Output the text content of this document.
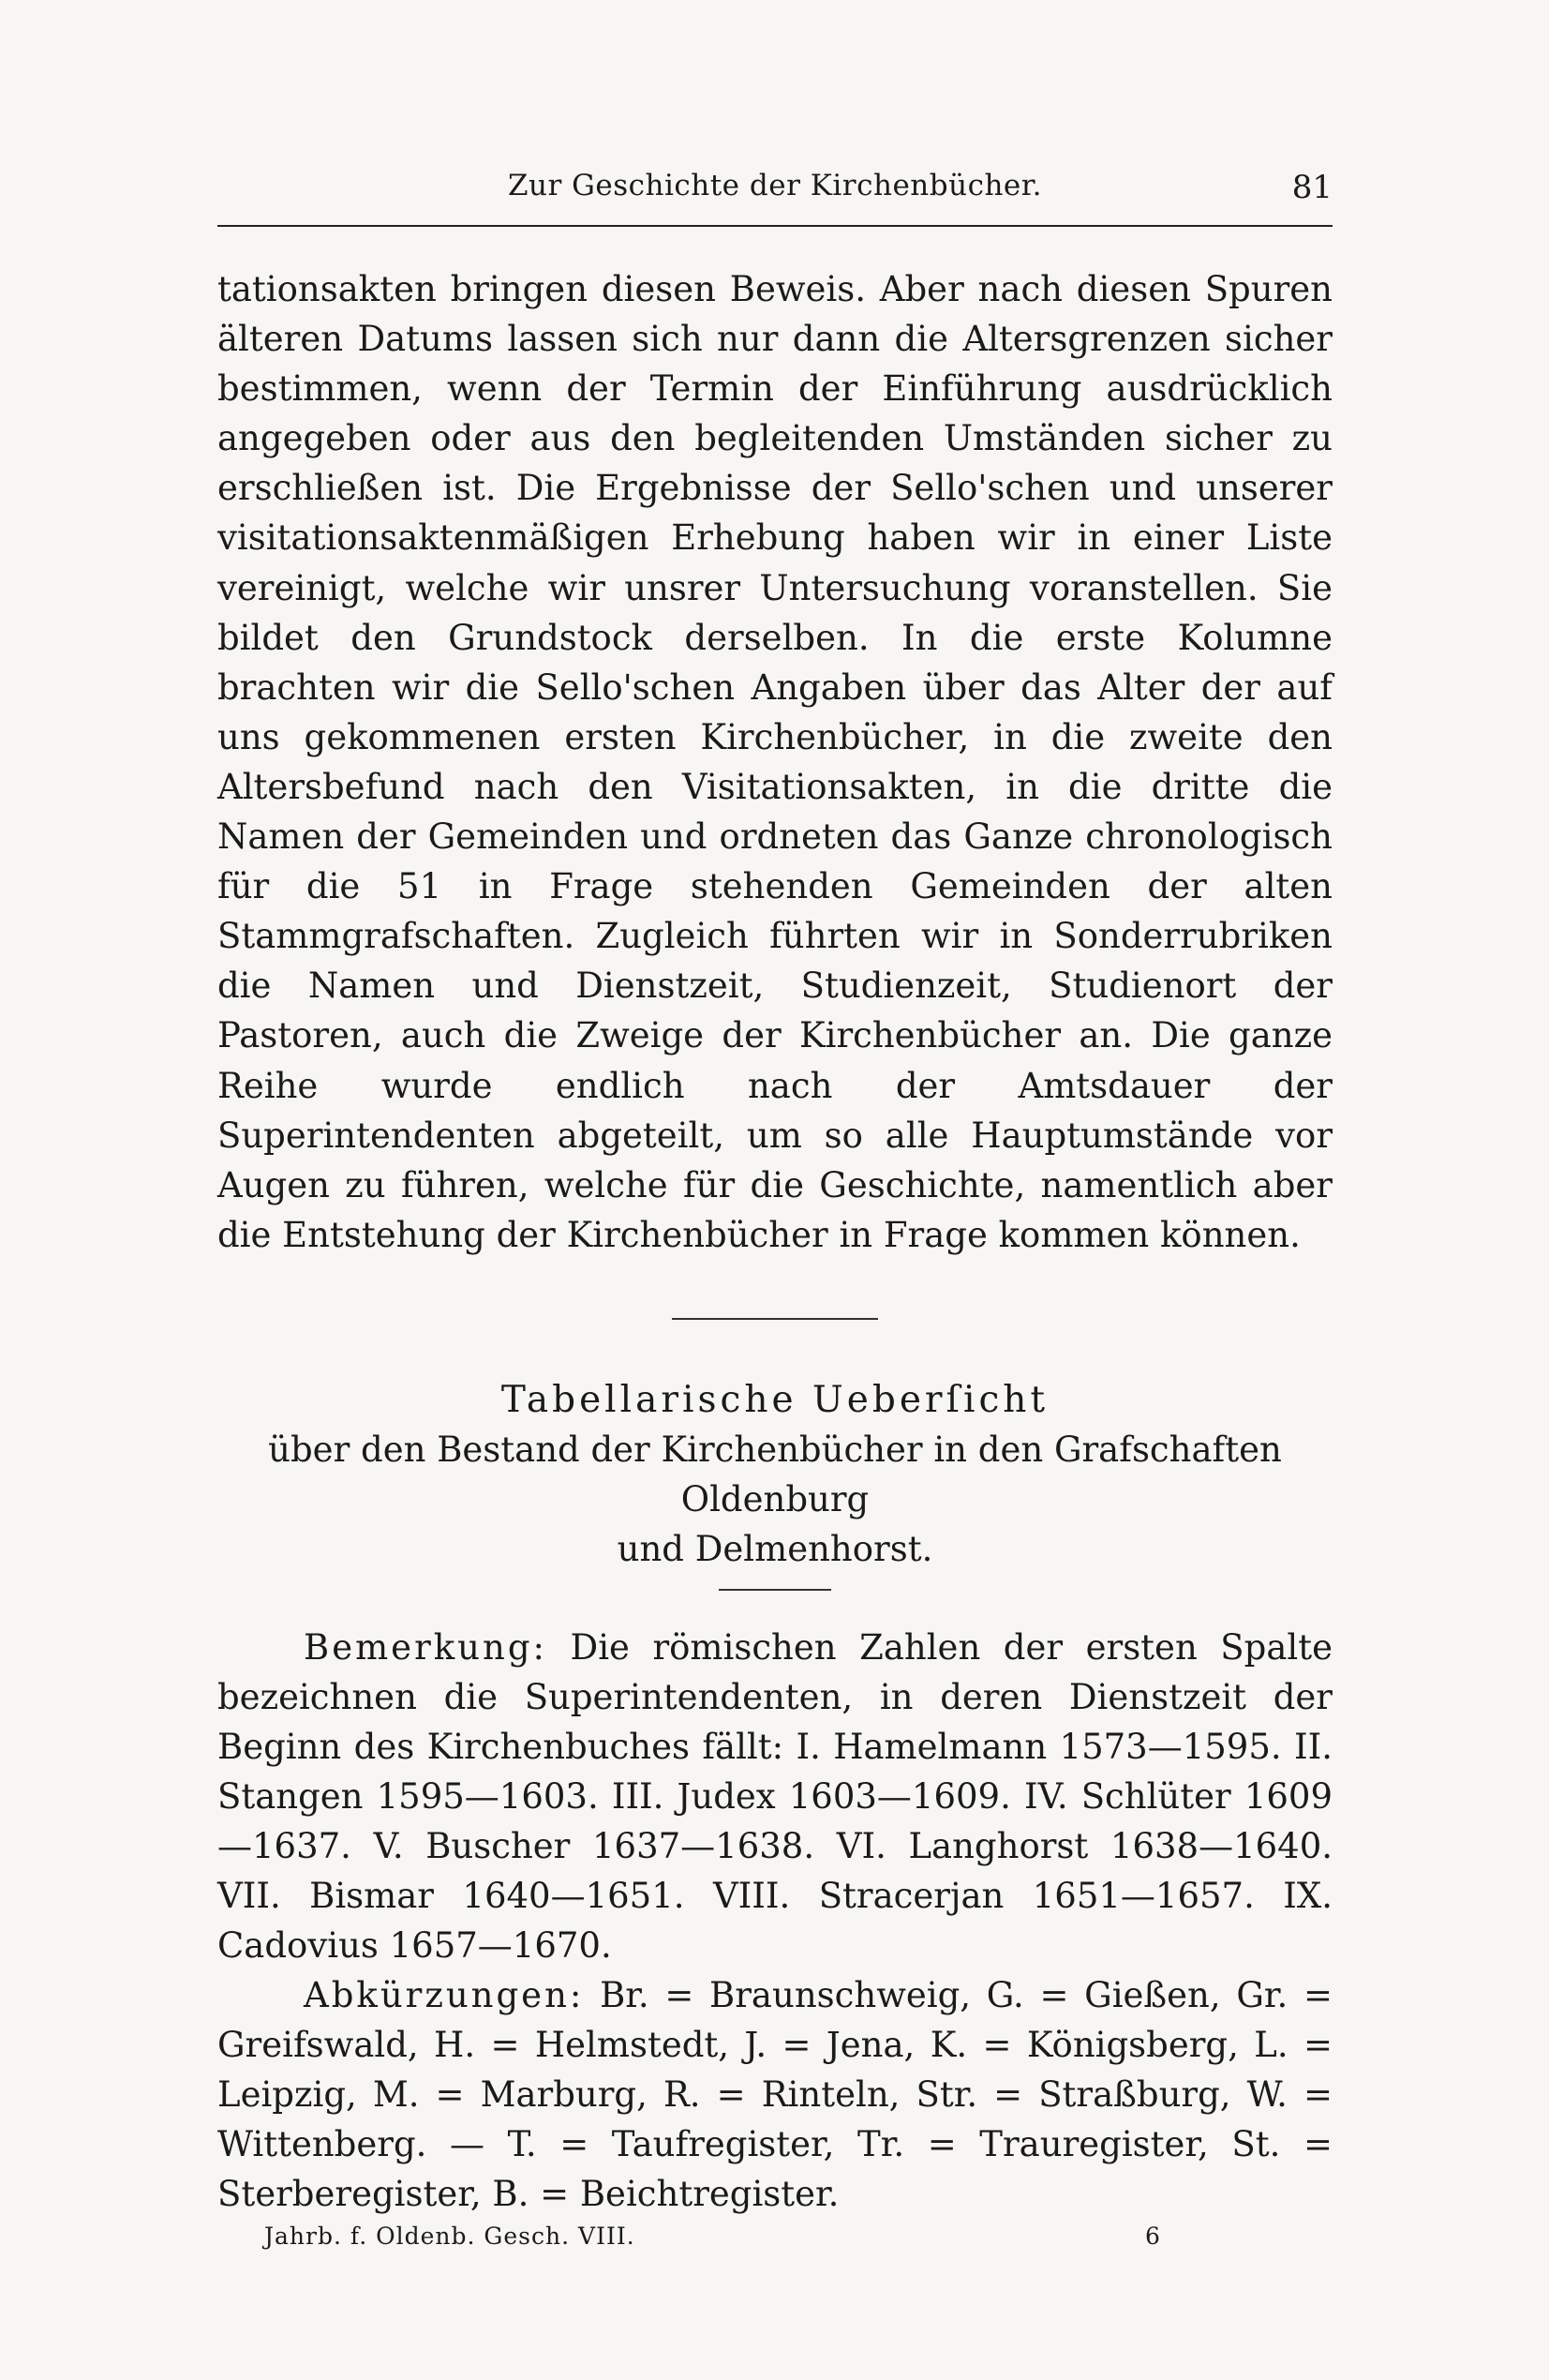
Zur Geschichte der Kirchenbücher.	81

tationsakten bringen diesen Beweis. Aber nach diesen Spuren älteren Datums lassen sich nur dann die Altersgrenzen sicher bestimmen, wenn der Termin der Einführung ausdrücklich angegeben oder aus den begleitenden Umständen sicher zu erschließen ist. Die Ergebnisse der Sello'schen und unserer visitationsaktenmäßigen Erhebung haben wir in einer Liste vereinigt, welche wir unsrer Untersuchung voranstellen. Sie bildet den Grundstock derselben. In die erste Kolumne brachten wir die Sello'schen Angaben über das Alter der auf uns gekommenen ersten Kirchenbücher, in die zweite den Altersbefund nach den Visitationsakten, in die dritte die Namen der Gemeinden und ordneten das Ganze chronologisch für die 51 in Frage stehenden Gemeinden der alten Stammgrafschaften. Zugleich führten wir in Sonderrubriken die Namen und Dienstzeit, Studienzeit, Studienort der Pastoren, auch die Zweige der Kirchenbücher an. Die ganze Reihe wurde endlich nach der Amtsdauer der Superintendenten abgeteilt, um so alle Hauptumstände vor Augen zu führen, welche für die Geschichte, namentlich aber die Entstehung der Kirchenbücher in Frage kommen können.

Tabellarische Ueberſicht
über den Bestand der Kirchenbücher in den Grafschaften Oldenburg
und Delmenhorst.

Bemerkung: Die römischen Zahlen der ersten Spalte bezeichnen die Superintendenten, in deren Dienstzeit der Beginn des Kirchenbuches fällt: I. Hamelmann 1573—1595. II. Stangen 1595—1603. III. Judex 1603—1609. IV. Schlüter 1609—1637. V. Buscher 1637—1638. VI. Langhorst 1638—1640. VII. Bismar 1640—1651. VIII. Stracerjan 1651—1657. IX. Cadovius 1657—1670.

Abkürzungen: Br. = Braunschweig, G. = Gießen, Gr. = Greifswald, H. = Helmstedt, J. = Jena, K. = Königsberg, L. = Leipzig, M. = Marburg, R. = Rinteln, Str. = Straßburg, W. = Wittenberg. — T. = Taufregister, Tr. = Trauregister, St. = Sterberegister, B. = Beichtregister.

Jahrb. f. Oldenb. Gesch. VIII.	6
